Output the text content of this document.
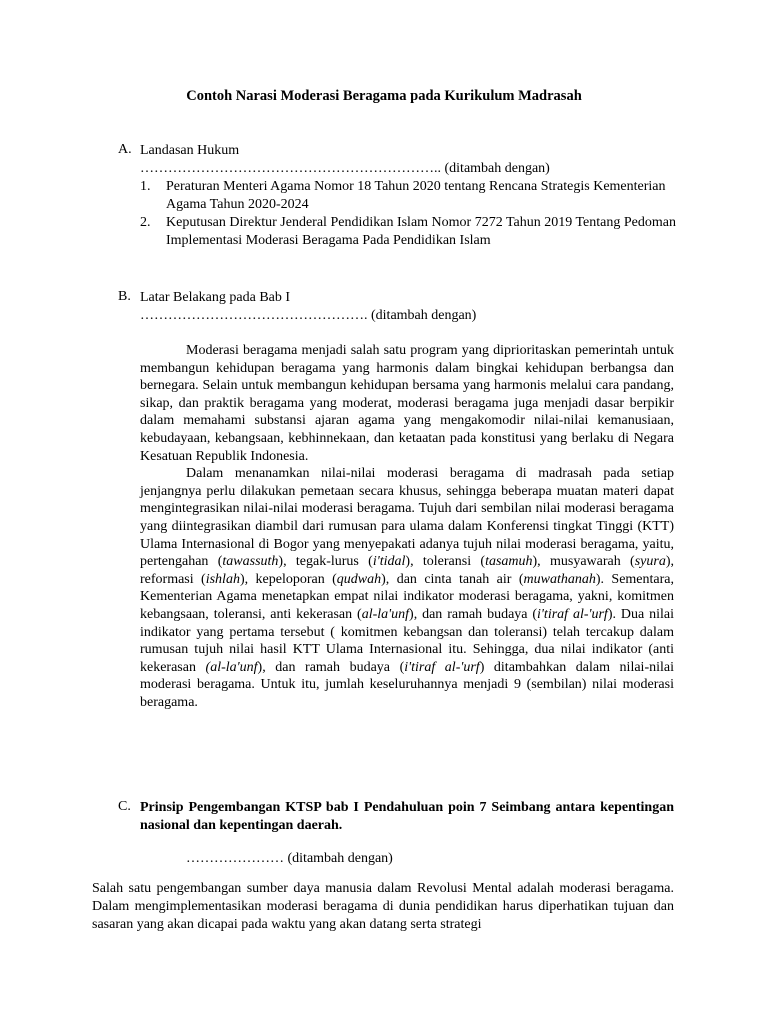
Contoh Narasi Moderasi Beragama pada Kurikulum Madrasah
A. Landasan Hukum
……………………………………………………….. (ditambah dengan)
1. Peraturan Menteri Agama Nomor 18 Tahun 2020 tentang Rencana Strategis Kementerian Agama Tahun 2020-2024
2. Keputusan Direktur Jenderal Pendidikan Islam Nomor 7272 Tahun 2019 Tentang Pedoman Implementasi Moderasi Beragama Pada Pendidikan Islam
B. Latar Belakang pada Bab I
…………………………………………. (ditambah dengan)

Moderasi beragama menjadi salah satu program yang diprioritaskan pemerintah untuk membangun kehidupan beragama yang harmonis dalam bingkai kehidupan berbangsa dan bernegara. Selain untuk membangun kehidupan bersama yang harmonis melalui cara pandang, sikap, dan praktik beragama yang moderat, moderasi beragama juga menjadi dasar berpikir dalam memahami substansi ajaran agama yang mengakomodir nilai-nilai kemanusiaan, kebudayaan, kebangsaan, kebhinnekaan, dan ketaatan pada konstitusi yang berlaku di Negara Kesatuan Republik Indonesia.

Dalam menanamkan nilai-nilai moderasi beragama di madrasah pada setiap jenjangnya perlu dilakukan pemetaan secara khusus, sehingga beberapa muatan materi dapat mengintegrasikan nilai-nilai moderasi beragama. Tujuh dari sembilan nilai moderasi beragama yang diintegrasikan diambil dari rumusan para ulama dalam Konferensi tingkat Tinggi (KTT) Ulama Internasional di Bogor yang menyepakati adanya tujuh nilai moderasi beragama, yaitu, pertengahan (tawassuth), tegak-lurus (i'tidal), toleransi (tasamuh), musyawarah (syura), reformasi (ishlah), kepeloporan (qudwah), dan cinta tanah air (muwathanah). Sementara, Kementerian Agama menetapkan empat nilai indikator moderasi beragama, yakni, komitmen kebangsaan, toleransi, anti kekerasan (al-la'unf), dan ramah budaya (i'tiraf al-'urf). Dua nilai indikator yang pertama tersebut ( komitmen kebangsan dan toleransi) telah tercakup dalam rumusan tujuh nilai hasil KTT Ulama Internasional itu. Sehingga, dua nilai indikator (anti kekerasan (al-la'unf), dan ramah budaya (i'tiraf al-'urf) ditambahkan dalam nilai-nilai moderasi beragama. Untuk itu, jumlah keseluruhannya menjadi 9 (sembilan) nilai moderasi beragama.

C. Prinsip Pengembangan KTSP bab I Pendahuluan poin 7 Seimbang antara kepentingan nasional dan kepentingan daerah.
………………… (ditambah dengan)

Salah satu pengembangan sumber daya manusia dalam Revolusi Mental adalah moderasi beragama. Dalam mengimplementasikan moderasi beragama di dunia pendidikan harus diperhatikan tujuan dan sasaran yang akan dicapai pada waktu yang akan datang serta strategi
